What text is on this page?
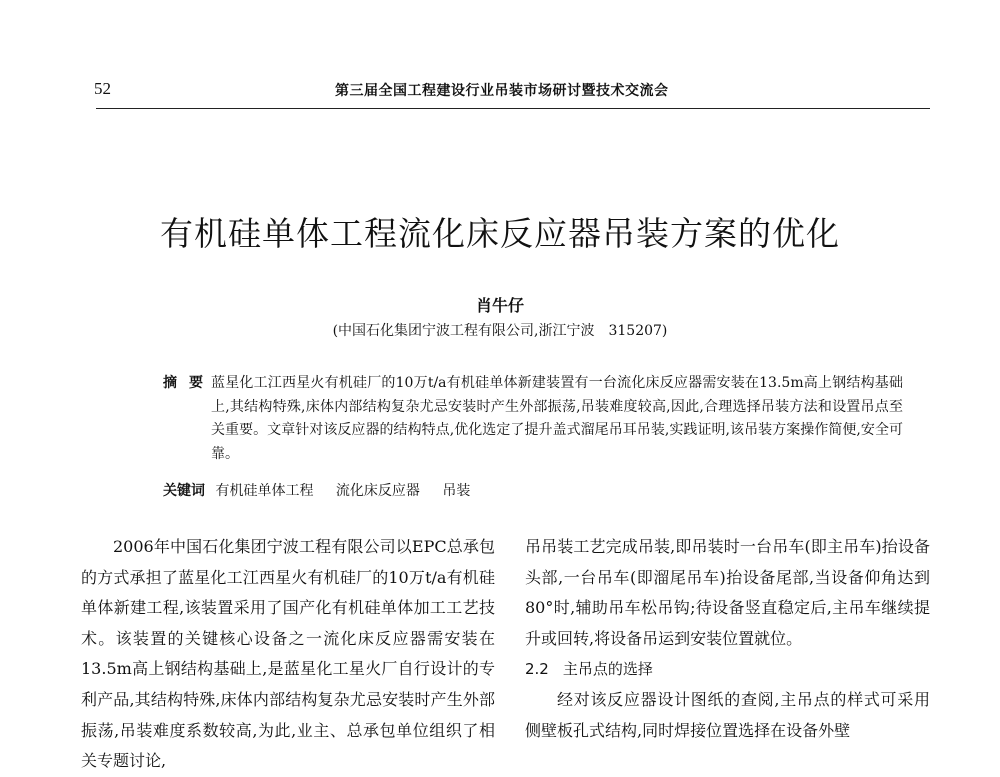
52	第三届全国工程建设行业吊装市场研讨暨技术交流会
有机硅单体工程流化床反应器吊装方案的优化
肖牛仔
(中国石化集团宁波工程有限公司,浙江宁波　315207)
摘要
蓝星化工江西星火有机硅厂的10万t/a有机硅单体新建装置有一台流化床反应器需安装在13.5m高上钢结构基础上,其结构特殊,床体内部结构复杂尤忌安装时产生外部振荡,吊装难度较高,因此,合理选择吊装方法和设置吊点至关重要。文章针对该反应器的结构特点,优化选定了提升盖式溜尾吊耳吊装,实践证明,该吊装方案操作简便,安全可靠。
关键词 有机硅单体工程 流化床反应器 吊装

2006年中国石化集团宁波工程有限公司以EPC总承包的方式承担了蓝星化工江西星火有机硅厂的10万t/a有机硅单体新建工程,该装置采用了国产化有机硅单体加工工艺技术。该装置的关键核心设备之一流化床反应器需安装在13.5m高上钢结构基础上,是蓝星化工星火厂自行设计的专利产品,其结构特殊,床体内部结构复杂尤忌安装时产生外部振荡,吊装难度系数较高,为此,业主、总承包单位组织了相关专题讨论,

吊吊装工艺完成吊装,即吊装时一台吊车(即主吊车)抬设备头部,一台吊车(即溜尾吊车)抬设备尾部,当设备仰角达到80°时,辅助吊车松吊钩;待设备竖直稳定后,主吊车继续提升或回转,将设备吊运到安装位置就位。

2.2 主吊点的选择

经对该反应器设计图纸的查阅,主吊点的样式可采用侧壁板孔式结构,同时焊接位置选择在设备外壁
